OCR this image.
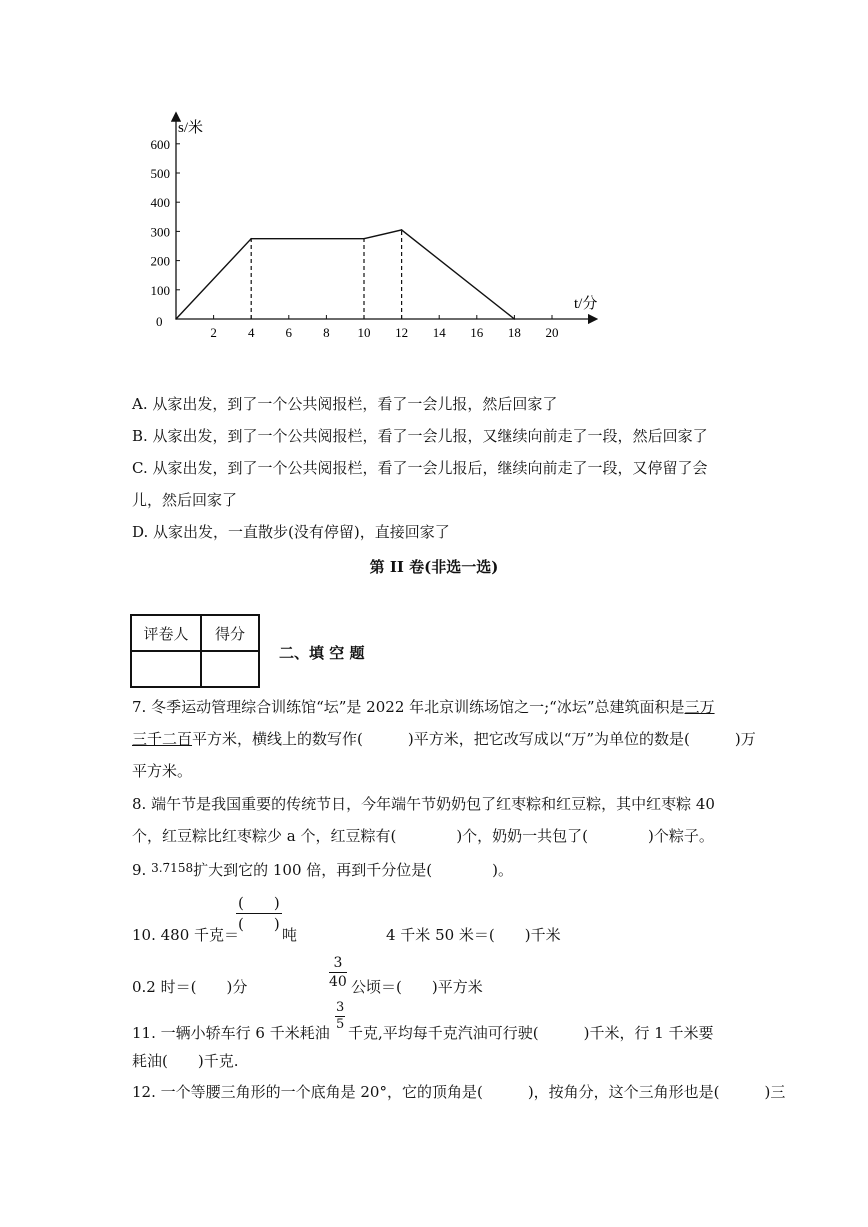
2 4 6 8 10 12 14 16 18 20
100
200
300
400
500
600
s/米
t/分
0
A. 从家出发，到了一个公共阅报栏，看了一会儿报，然后回家了
B. 从家出发，到了一个公共阅报栏，看了一会儿报，又继续向前走了一段，然后回家了
C. 从家出发，到了一个公共阅报栏，看了一会儿报后，继续向前走了一段，又停留了会
儿，然后回家了
D. 从家出发，一直散步(没有停留)，直接回家了
第 II 卷(非选一选)
评卷人	得分

二、填 空 题
7. 冬季运动管理综合训练馆“坛”是 2022 年北京训练场馆之一;“冰坛”总建筑面积是三万
三千二百平方米，横线上的数写作(　　　)平方米，把它改写成以“万”为单位的数是(　　　)万
平方米。
8. 端午节是我国重要的传统节日，今年端午节奶奶包了红枣粽和红豆粽，其中红枣粽 40
个，红豆粽比红枣粽少 a 个，红豆粽有(　　　　)个，奶奶一共包了(　　　　)个粽子。
9. $^{3.7̇15̇8}$扩大到它的 100 倍，再到千分位是(　　　　)。
10. 480 千克＝
(　　)
(　　)
吨	4 千米 50 米＝(　　)千米
0.2 时＝(　　)分	$\frac{3}{40}$ 公顷＝(　　)平方米
11. 一辆小轿车行 6 千米耗油 $\frac{3}{5}$ 千克,平均每千克汽油可行驶(　　　)千米，行 1 千米要
耗油(　　)千克.
12. 一个等腰三角形的一个底角是 20°，它的顶角是(　　　)，按角分，这个三角形也是(　　　)三
